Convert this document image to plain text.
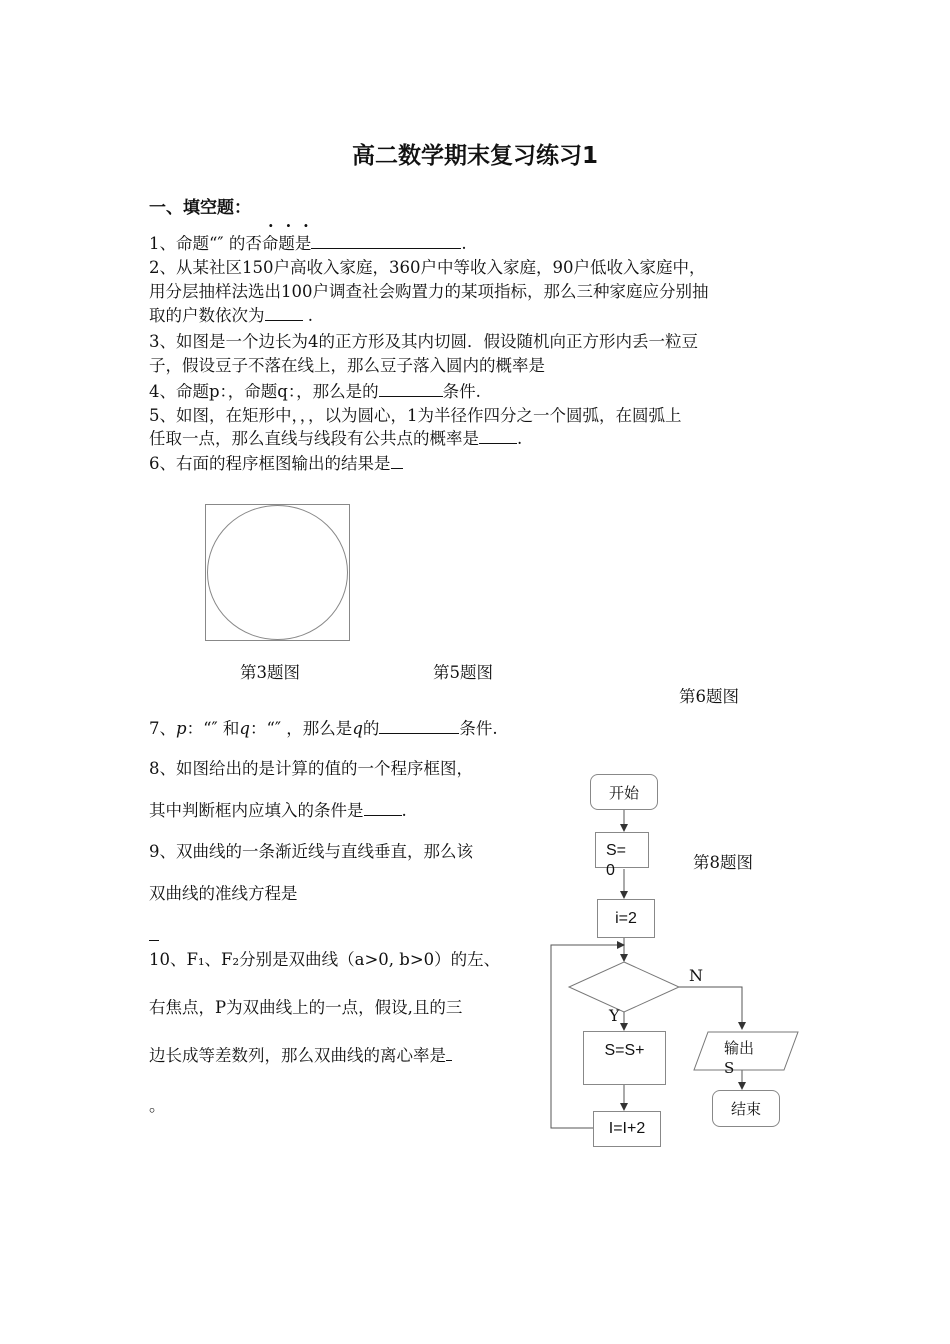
高二数学期末复习练习1
一、填空题：
...
1、命题“″ 的否命题是	.
2、从某社区150户高收入家庭，360户中等收入家庭，90户低收入家庭中，
用分层抽样法选出100户调查社会购置力的某项指标，那么三种家庭应分别抽
取的户数依次为	.
3、如图是一个边长为4的正方形及其内切圆．假设随机向正方形内丢一粒豆
子，假设豆子不落在线上，那么豆子落入圆内的概率是
4、命题p：，命题q：，那么是的	条件.
5、如图，在矩形中，，，以为圆心，1为半径作四分之一个圆弧，在圆弧上
任取一点，那么直线与线段有公共点的概率是 .
6、右面的程序框图输出的结果是
第3题图	第5题图
第6题图
7、p：“″ 和q：“″ ，那么是q的	条件.
8、如图给出的是计算的值的一个程序框图，
其中判断框内应填入的条件是 .
9、双曲线的一条渐近线与直线垂直，那么该
双曲线的准线方程是
10、F₁、F₂分别是双曲线（a>0, b>0）的左、
右焦点，P为双曲线上的一点，假设,且的三
边长成等差数列，那么双曲线的离心率是
。
开始
S=
0
i=2
N
Y
S=S+	输出
S
结束
I=I+2
第8题图
